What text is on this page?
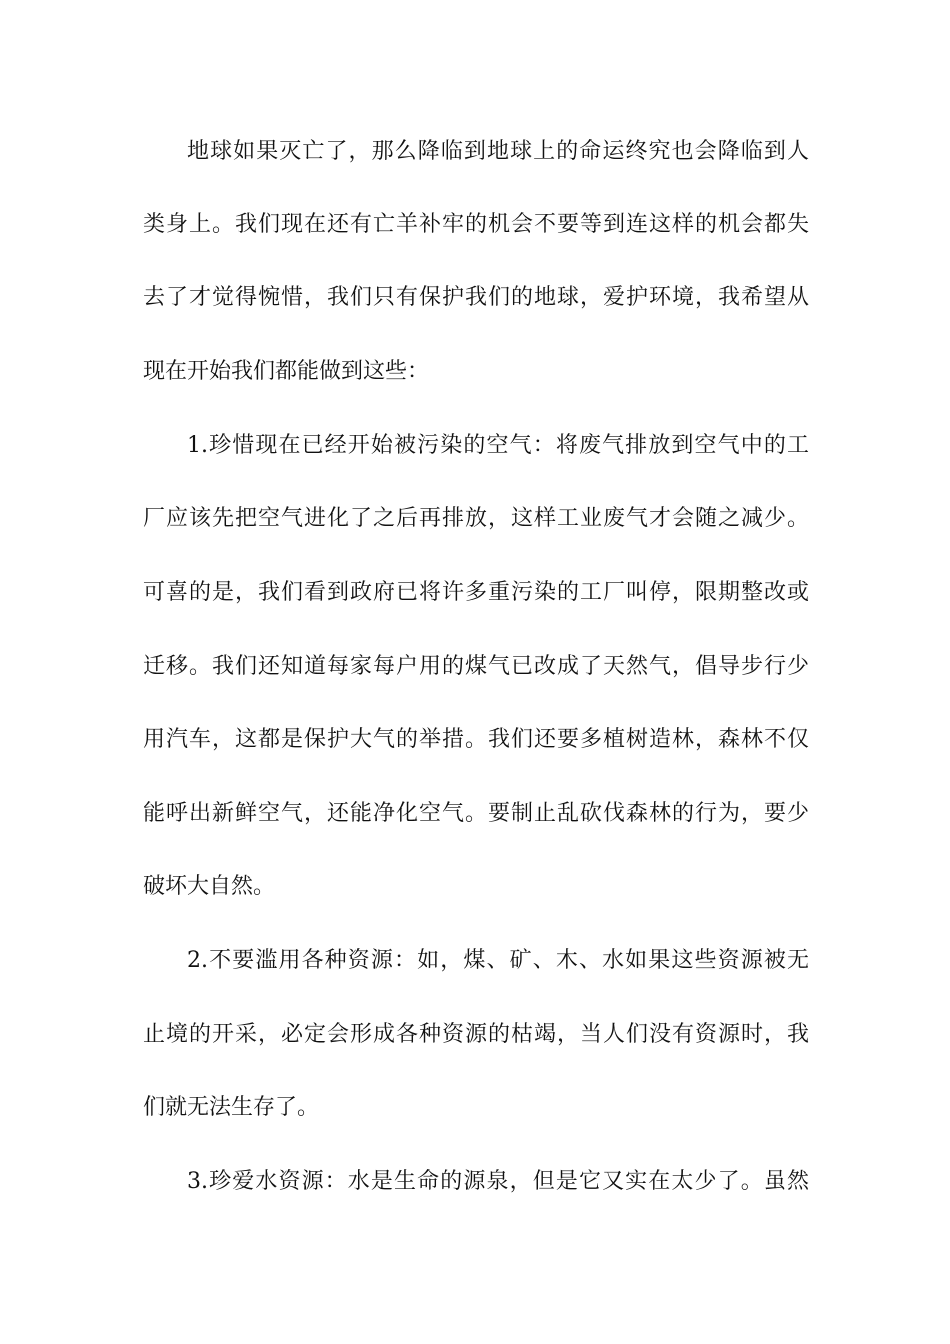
地球如果灭亡了，那么降临到地球上的命运终究也会降临到人
类身上。我们现在还有亡羊补牢的机会不要等到连这样的机会都失
去了才觉得惋惜，我们只有保护我们的地球，爱护环境，我希望从
现在开始我们都能做到这些：
1.珍惜现在已经开始被污染的空气：将废气排放到空气中的工
厂应该先把空气进化了之后再排放，这样工业废气才会随之减少。
可喜的是，我们看到政府已将许多重污染的工厂叫停，限期整改或
迁移。我们还知道每家每户用的煤气已改成了天然气，倡导步行少
用汽车，这都是保护大气的举措。我们还要多植树造林，森林不仅
能呼出新鲜空气，还能净化空气。要制止乱砍伐森林的行为，要少
破坏大自然。
2.不要滥用各种资源：如，煤、矿、木、水如果这些资源被无
止境的开采，必定会形成各种资源的枯竭，当人们没有资源时，我
们就无法生存了。
3.珍爱水资源：水是生命的源泉，但是它又实在太少了。虽然
